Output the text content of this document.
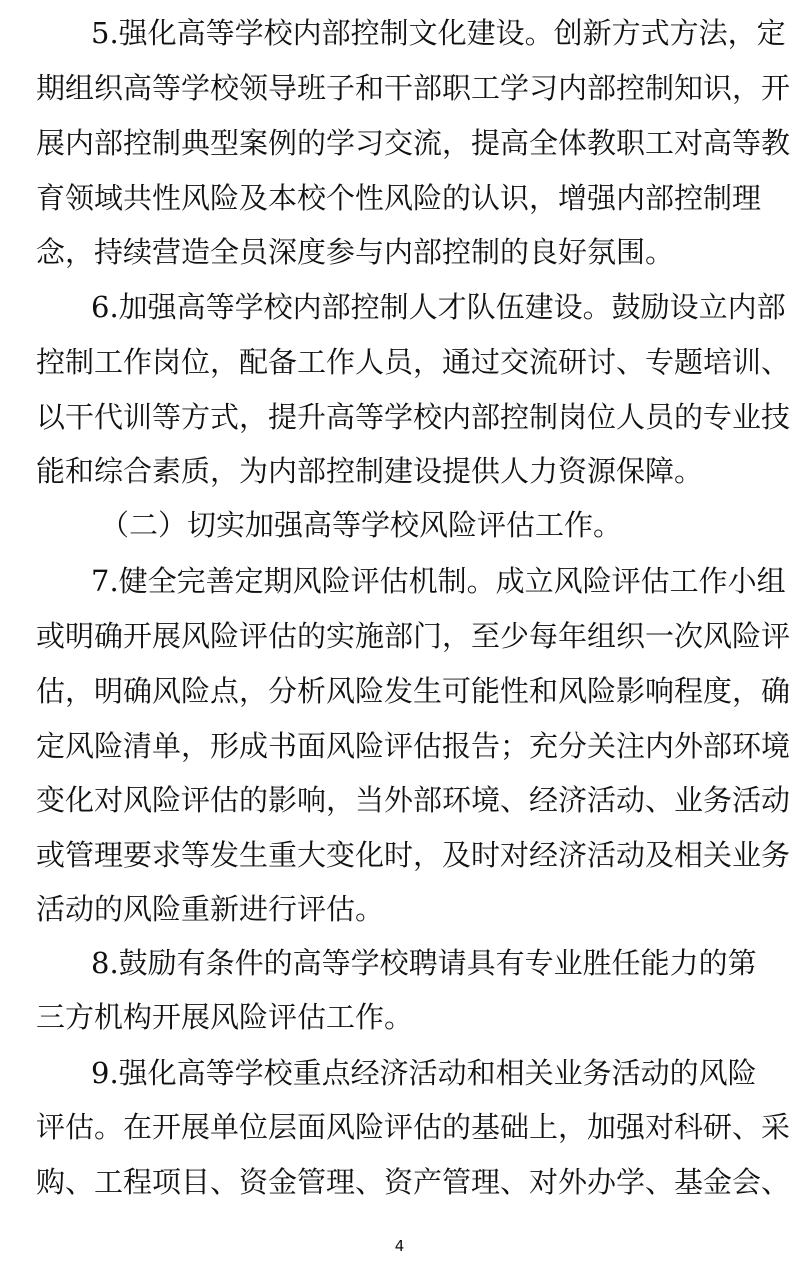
5.强化高等学校内部控制文化建设。创新方式方法，定
期组织高等学校领导班子和干部职工学习内部控制知识，开
展内部控制典型案例的学习交流，提高全体教职工对高等教
育领域共性风险及本校个性风险的认识，增强内部控制理
念，持续营造全员深度参与内部控制的良好氛围。
6.加强高等学校内部控制人才队伍建设。鼓励设立内部
控制工作岗位，配备工作人员，通过交流研讨、专题培训、
以干代训等方式，提升高等学校内部控制岗位人员的专业技
能和综合素质，为内部控制建设提供人力资源保障。
（二）切实加强高等学校风险评估工作。
7.健全完善定期风险评估机制。成立风险评估工作小组
或明确开展风险评估的实施部门，至少每年组织一次风险评
估，明确风险点，分析风险发生可能性和风险影响程度，确
定风险清单，形成书面风险评估报告；充分关注内外部环境
变化对风险评估的影响，当外部环境、经济活动、业务活动
或管理要求等发生重大变化时，及时对经济活动及相关业务
活动的风险重新进行评估。
8.鼓励有条件的高等学校聘请具有专业胜任能力的第
三方机构开展风险评估工作。
9.强化高等学校重点经济活动和相关业务活动的风险
评估。在开展单位层面风险评估的基础上，加强对科研、采
购、工程项目、资金管理、资产管理、对外办学、基金会、
4
